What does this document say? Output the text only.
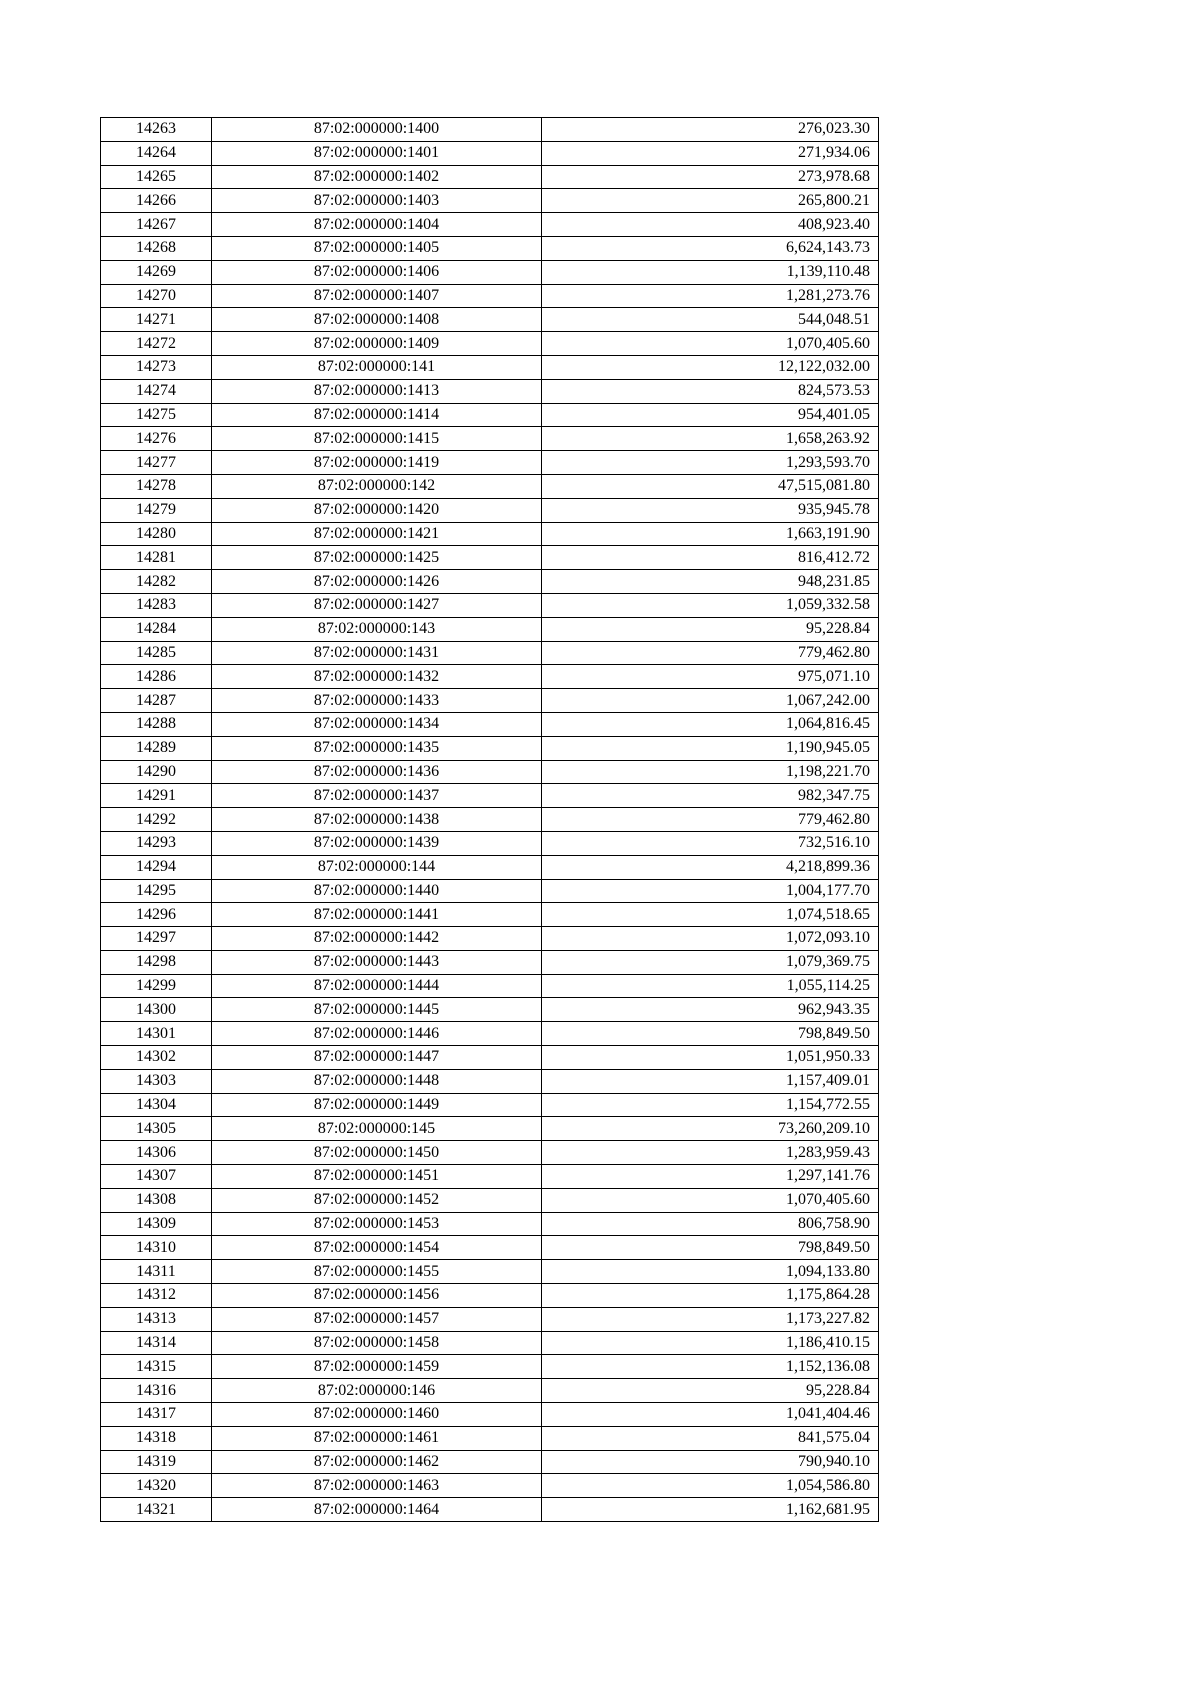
14263	87:02:000000:1400	276,023.30
14264	87:02:000000:1401	271,934.06
14265	87:02:000000:1402	273,978.68
14266	87:02:000000:1403	265,800.21
14267	87:02:000000:1404	408,923.40
14268	87:02:000000:1405	6,624,143.73
14269	87:02:000000:1406	1,139,110.48
14270	87:02:000000:1407	1,281,273.76
14271	87:02:000000:1408	544,048.51
14272	87:02:000000:1409	1,070,405.60
14273	87:02:000000:141	12,122,032.00
14274	87:02:000000:1413	824,573.53
14275	87:02:000000:1414	954,401.05
14276	87:02:000000:1415	1,658,263.92
14277	87:02:000000:1419	1,293,593.70
14278	87:02:000000:142	47,515,081.80
14279	87:02:000000:1420	935,945.78
14280	87:02:000000:1421	1,663,191.90
14281	87:02:000000:1425	816,412.72
14282	87:02:000000:1426	948,231.85
14283	87:02:000000:1427	1,059,332.58
14284	87:02:000000:143	95,228.84
14285	87:02:000000:1431	779,462.80
14286	87:02:000000:1432	975,071.10
14287	87:02:000000:1433	1,067,242.00
14288	87:02:000000:1434	1,064,816.45
14289	87:02:000000:1435	1,190,945.05
14290	87:02:000000:1436	1,198,221.70
14291	87:02:000000:1437	982,347.75
14292	87:02:000000:1438	779,462.80
14293	87:02:000000:1439	732,516.10
14294	87:02:000000:144	4,218,899.36
14295	87:02:000000:1440	1,004,177.70
14296	87:02:000000:1441	1,074,518.65
14297	87:02:000000:1442	1,072,093.10
14298	87:02:000000:1443	1,079,369.75
14299	87:02:000000:1444	1,055,114.25
14300	87:02:000000:1445	962,943.35
14301	87:02:000000:1446	798,849.50
14302	87:02:000000:1447	1,051,950.33
14303	87:02:000000:1448	1,157,409.01
14304	87:02:000000:1449	1,154,772.55
14305	87:02:000000:145	73,260,209.10
14306	87:02:000000:1450	1,283,959.43
14307	87:02:000000:1451	1,297,141.76
14308	87:02:000000:1452	1,070,405.60
14309	87:02:000000:1453	806,758.90
14310	87:02:000000:1454	798,849.50
14311	87:02:000000:1455	1,094,133.80
14312	87:02:000000:1456	1,175,864.28
14313	87:02:000000:1457	1,173,227.82
14314	87:02:000000:1458	1,186,410.15
14315	87:02:000000:1459	1,152,136.08
14316	87:02:000000:146	95,228.84
14317	87:02:000000:1460	1,041,404.46
14318	87:02:000000:1461	841,575.04
14319	87:02:000000:1462	790,940.10
14320	87:02:000000:1463	1,054,586.80
14321	87:02:000000:1464	1,162,681.95
